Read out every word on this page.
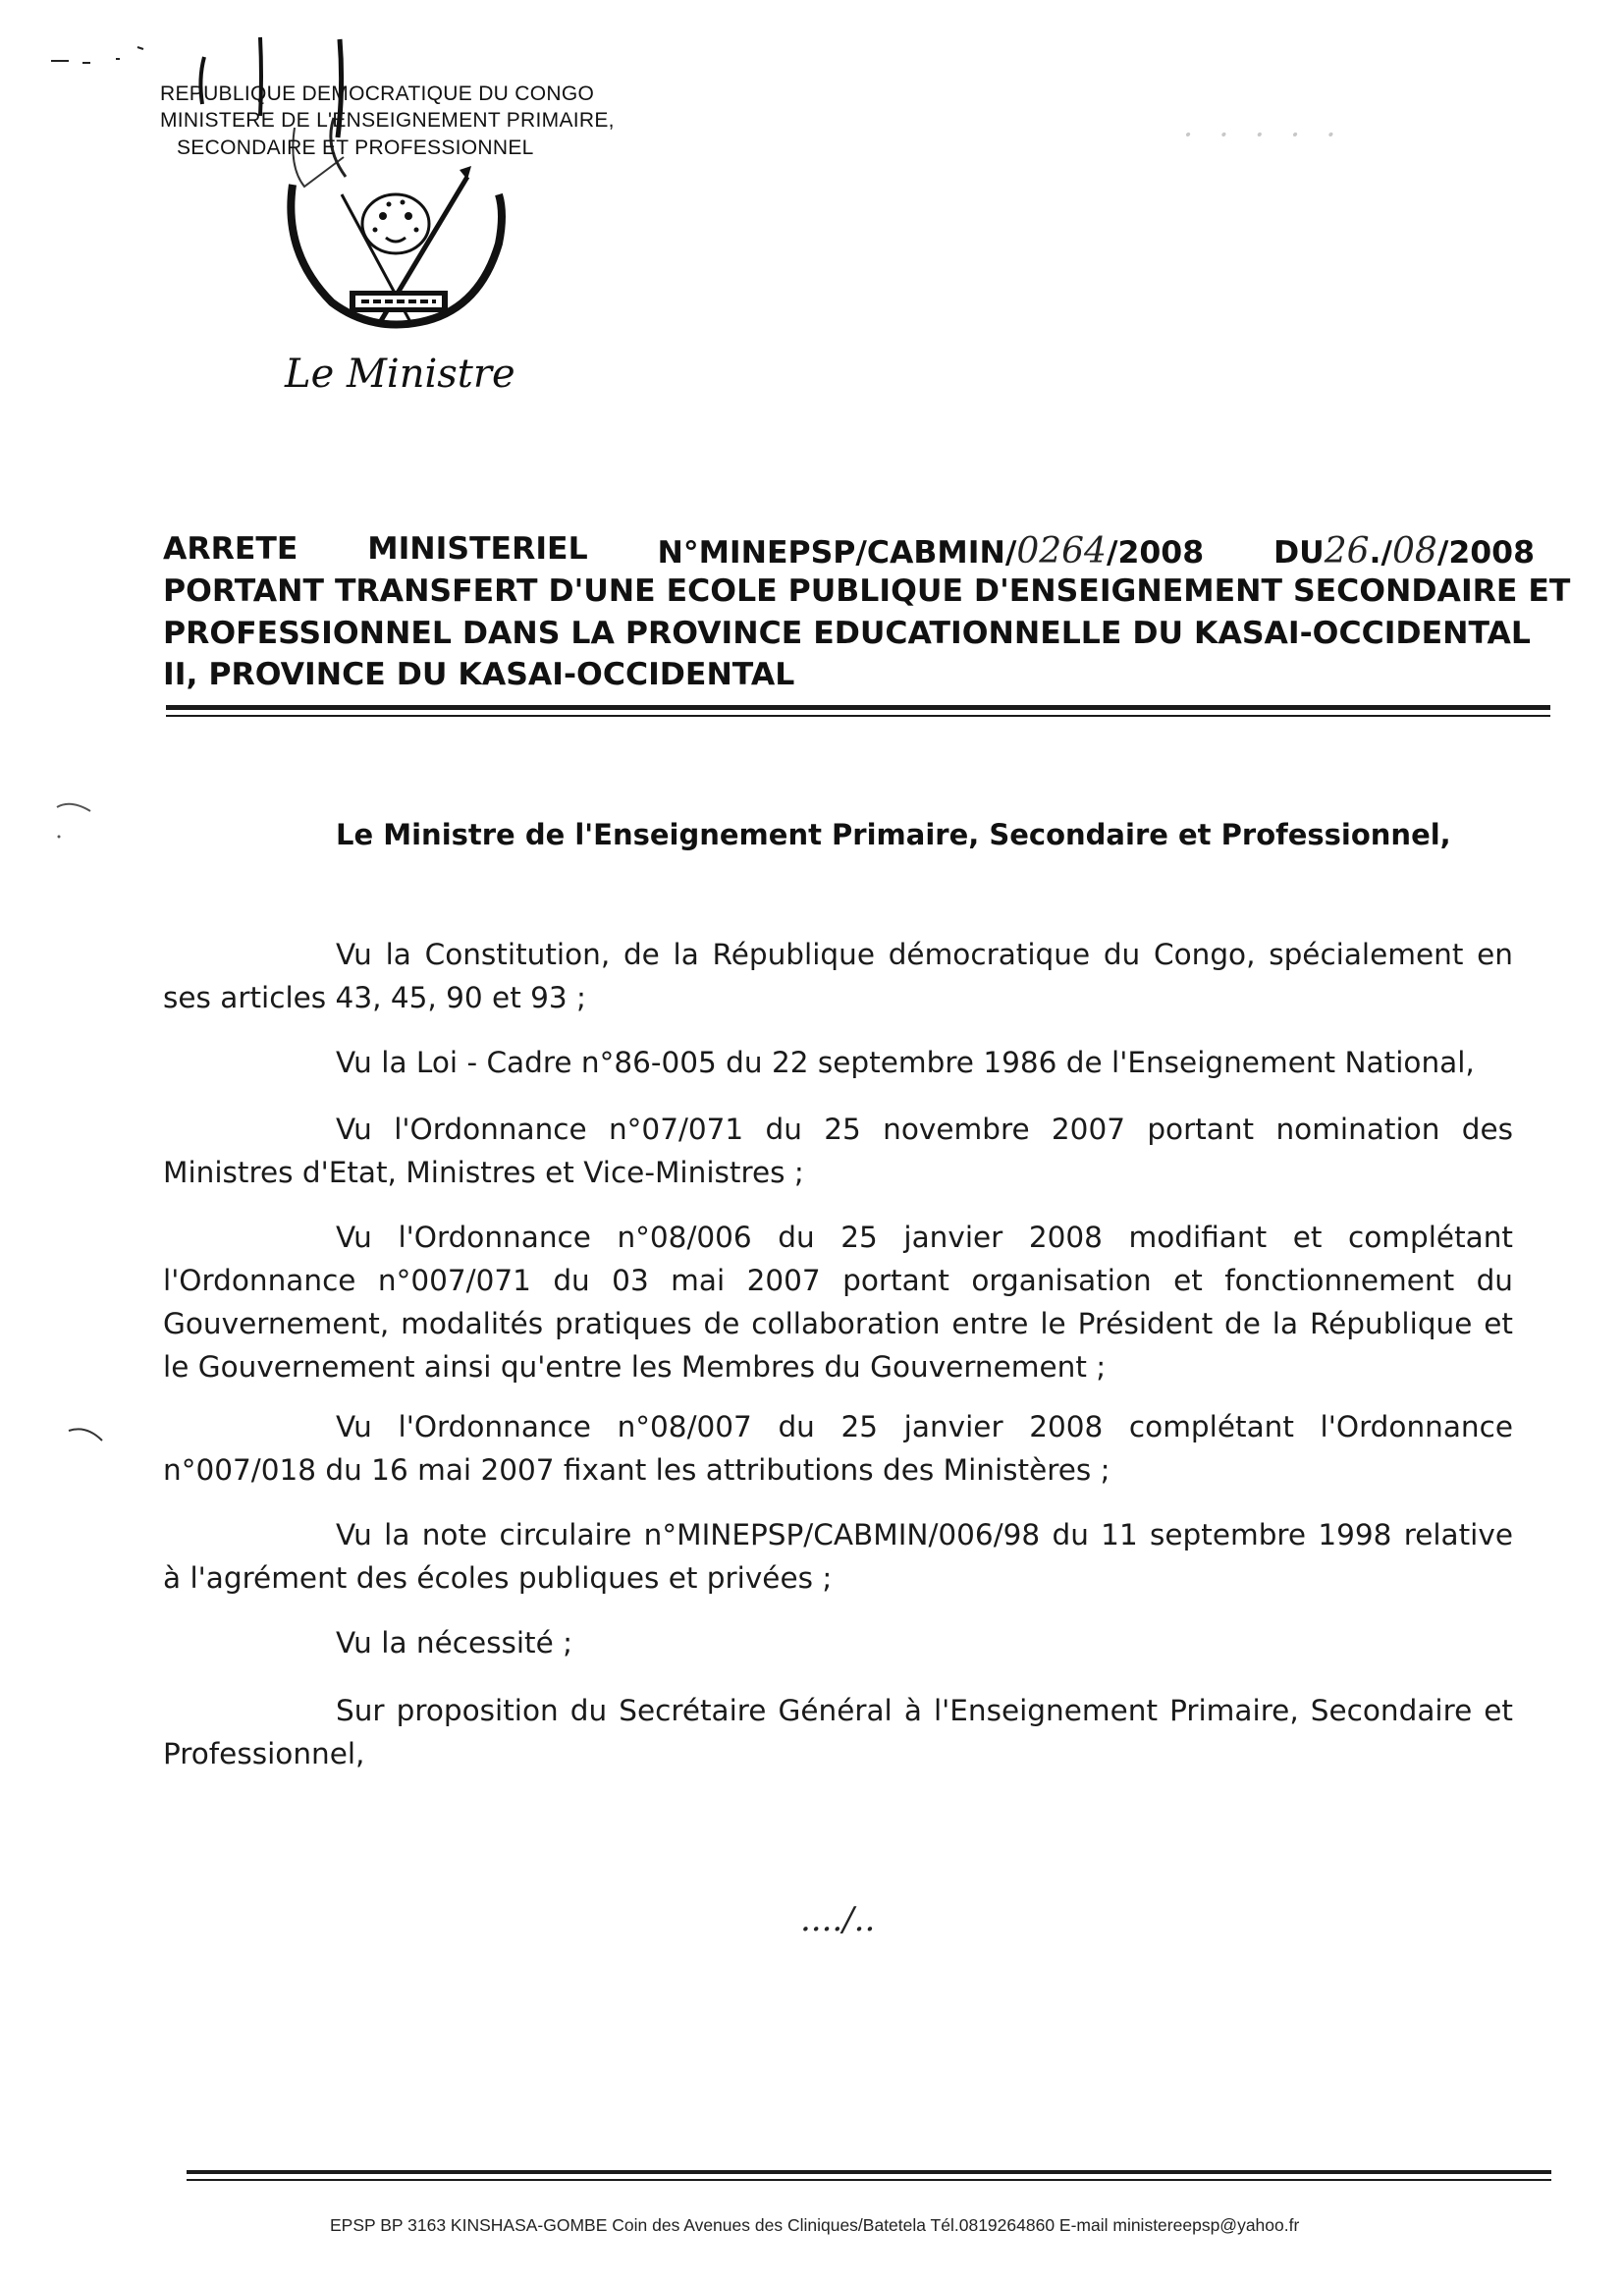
REPUBLIQUE DEMOCRATIQUE DU CONGO
MINISTERE DE L'ENSEIGNEMENT PRIMAIRE,
SECONDAIRE ET PROFESSIONNEL	· · · · ·
Le Ministre
ARRETE MINISTERIEL N°MINEPSP/CABMIN/0264/2008 DU26./08/2008
PORTANT TRANSFERT D'UNE ECOLE PUBLIQUE D'ENSEIGNEMENT SECONDAIRE ET
PROFESSIONNEL DANS LA PROVINCE EDUCATIONNELLE DU KASAI-OCCIDENTAL
II, PROVINCE DU KASAI-OCCIDENTAL
Le Ministre de l'Enseignement Primaire, Secondaire et Professionnel,
Vu la Constitution, de la République démocratique du Congo, spécialement en ses articles 43, 45, 90 et 93 ;
Vu la Loi - Cadre n°86-005 du 22 septembre 1986 de l'Enseignement National,
Vu l'Ordonnance n°07/071 du 25 novembre 2007 portant nomination des Ministres d'Etat, Ministres et Vice-Ministres ;
Vu l'Ordonnance n°08/006 du 25 janvier 2008 modifiant et complétant l'Ordonnance n°007/071 du 03 mai 2007 portant organisation et fonctionnement du Gouvernement, modalités pratiques de collaboration entre le Président de la République et le Gouvernement ainsi qu'entre les Membres du Gouvernement ;
Vu l'Ordonnance n°08/007 du 25 janvier 2008 complétant l'Ordonnance n°007/018 du 16 mai 2007 fixant les attributions des Ministères ;
Vu la note circulaire n°MINEPSP/CABMIN/006/98 du 11 septembre 1998 relative à l'agrément des écoles publiques et privées ;
Vu la nécessité ;
Sur proposition du Secrétaire Général à l'Enseignement Primaire, Secondaire et Professionnel,
..../..
EPSP BP 3163 KINSHASA-GOMBE Coin des Avenues des Cliniques/Batetela Tél.0819264860 E-mail ministereepsp@yahoo.fr
